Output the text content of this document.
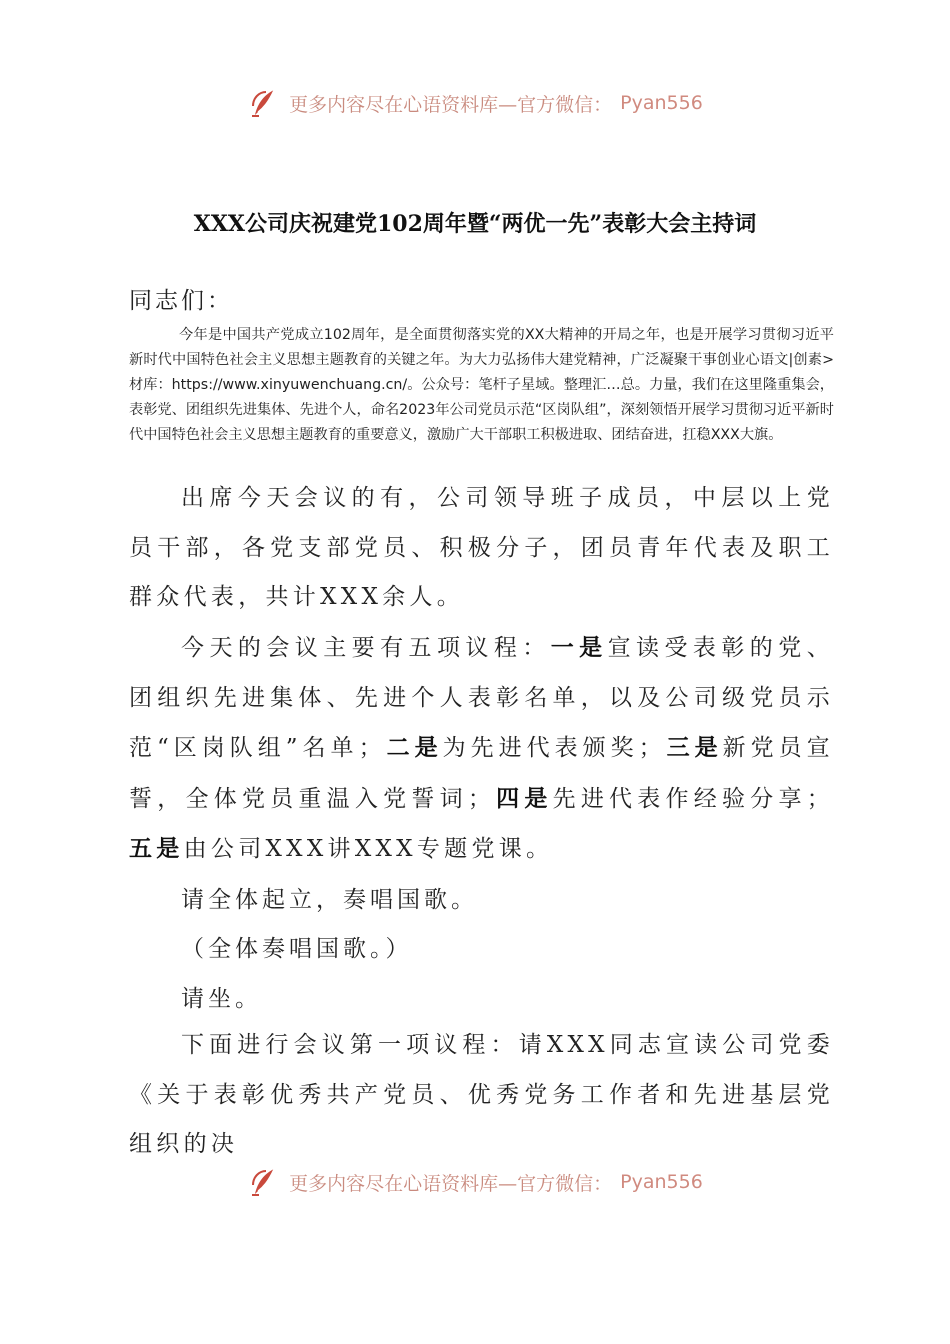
更多内容尽在心语资料库—官方微信： Pyan556
XXX公司庆祝建党102周年暨“两优一先”表彰大会主持词
同志们：
今年是中国共产党成立102周年，是全面贯彻落实党的XX大精神的开局之年，也是开展学习贯彻习近平新时代中国特色社会主义思想主题教育的关键之年。为大力弘扬伟大建党精神，广泛凝聚干事创业心语文|创素>材库：https://www.xinyuwenchuang.cn/。公众号：笔杆子星域。整理汇…总。力量，我们在这里隆重集会，表彰党、团组织先进集体、先进个人，命名2023年公司党员示范“区岗队组”，深刻领悟开展学习贯彻习近平新时代中国特色社会主义思想主题教育的重要意义，激励广大干部职工积极进取、团结奋进，扛稳XXX大旗。
出席今天会议的有，公司领导班子成员，中层以上党员干部，各党支部党员、积极分子，团员青年代表及职工群众代表，共计XXX余人。
今天的会议主要有五项议程：一是宣读受表彰的党、团组织先进集体、先进个人表彰名单，以及公司级党员示范“区岗队组”名单；二是为先进代表颁奖；三是新党员宣誓，全体党员重温入党誓词；四是先进代表作经验分享；五是由公司XXX讲XXX专题党课。
请全体起立，奏唱国歌。
（全体奏唱国歌。）
请坐。
下面进行会议第一项议程：请XXX同志宣读公司党委《关于表彰优秀共产党员、优秀党务工作者和先进基层党组织的决
更多内容尽在心语资料库—官方微信： Pyan556
